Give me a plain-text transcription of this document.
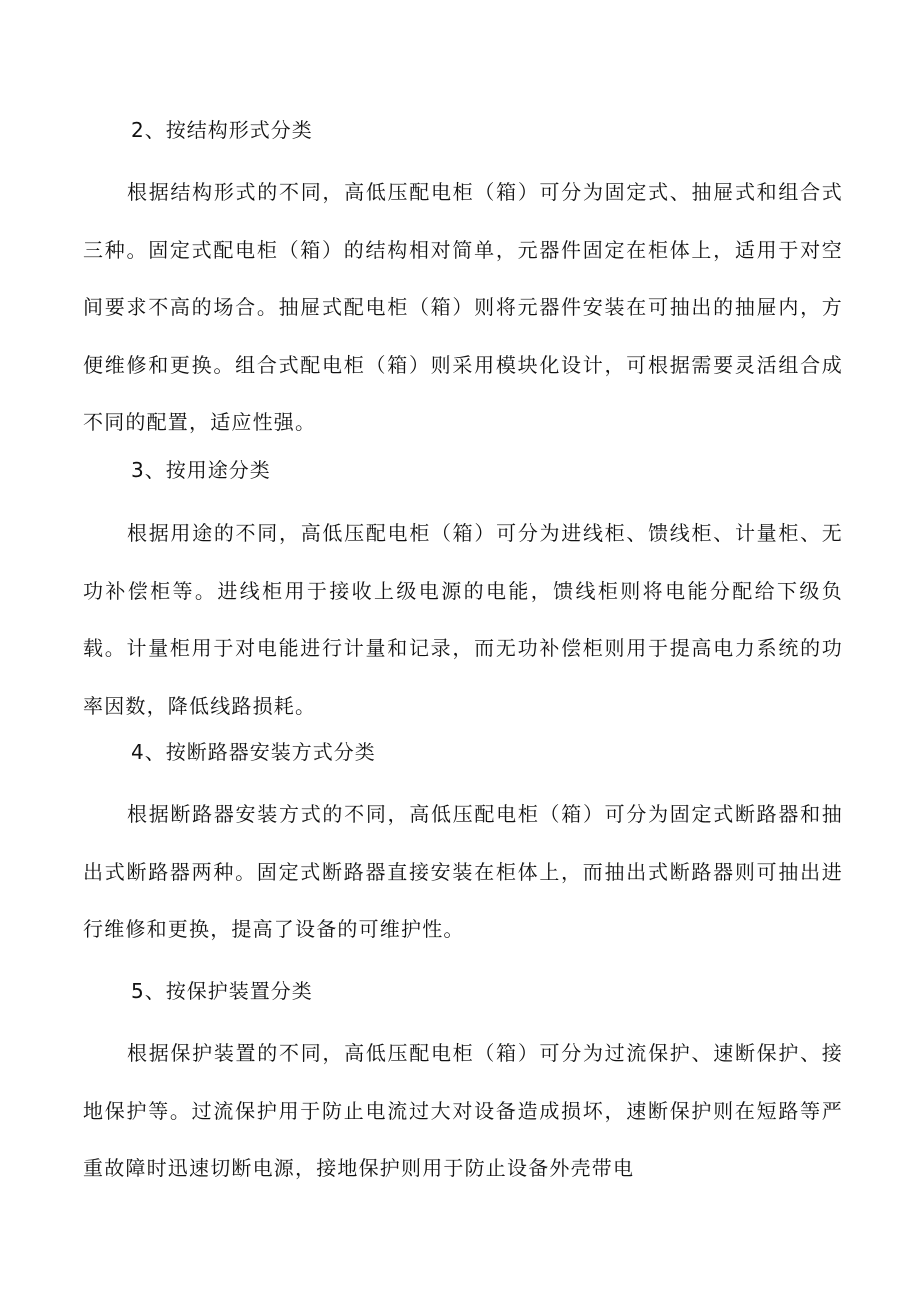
2、按结构形式分类

根据结构形式的不同，高低压配电柜（箱）可分为固定式、抽屉式和组合式三种。固定式配电柜（箱）的结构相对简单，元器件固定在柜体上，适用于对空间要求不高的场合。抽屉式配电柜（箱）则将元器件安装在可抽出的抽屉内，方便维修和更换。组合式配电柜（箱）则采用模块化设计，可根据需要灵活组合成不同的配置，适应性强。

3、按用途分类

根据用途的不同，高低压配电柜（箱）可分为进线柜、馈线柜、计量柜、无功补偿柜等。进线柜用于接收上级电源的电能，馈线柜则将电能分配给下级负载。计量柜用于对电能进行计量和记录，而无功补偿柜则用于提高电力系统的功率因数，降低线路损耗。

4、按断路器安装方式分类

根据断路器安装方式的不同，高低压配电柜（箱）可分为固定式断路器和抽出式断路器两种。固定式断路器直接安装在柜体上，而抽出式断路器则可抽出进行维修和更换，提高了设备的可维护性。

5、按保护装置分类

根据保护装置的不同，高低压配电柜（箱）可分为过流保护、速断保护、接地保护等。过流保护用于防止电流过大对设备造成损坏，速断保护则在短路等严重故障时迅速切断电源，接地保护则用于防止设备外壳带电
